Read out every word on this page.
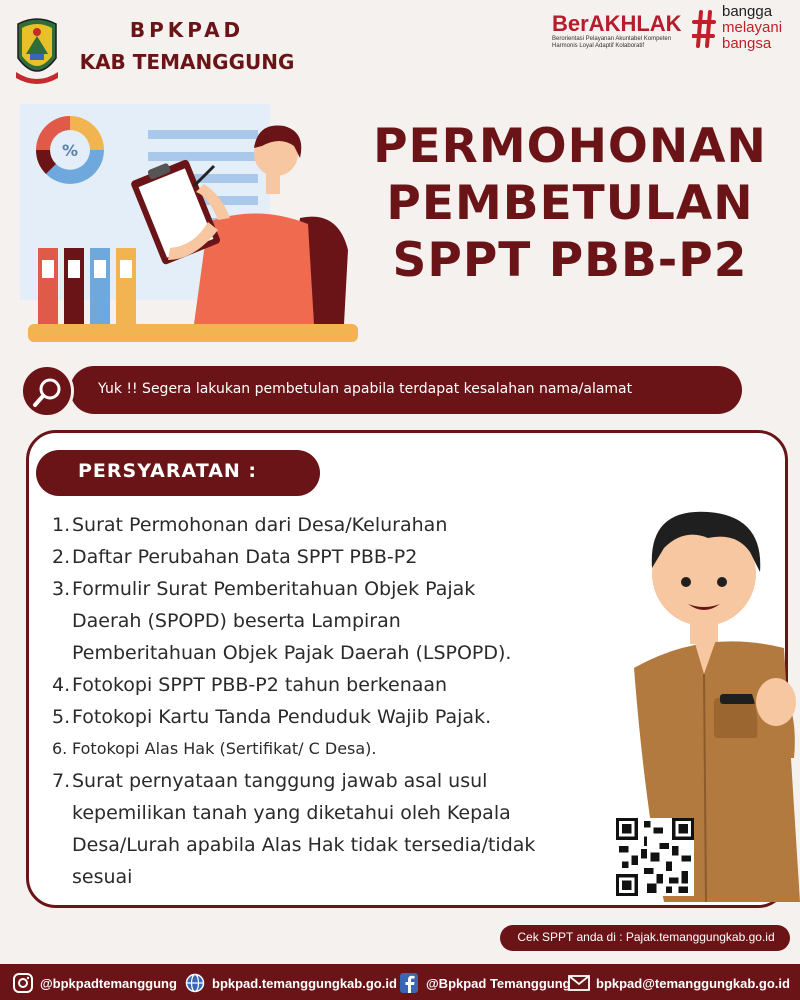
BPKPAD
KAB TEMANGGUNG
BerAKHLAK
Berorientasi Pelayanan Akuntabel Kompeten
Harmonis Loyal Adaptif Kolaboratif
bangga
melayani
bangsa
%	PERMOHONAN
PEMBETULAN
SPPT PBB-P2
Yuk !! Segera lakukan pembetulan apabila terdapat kesalahan nama/alamat
PERSYARATAN :
1. Surat Permohonan dari Desa/Kelurahan
2. Daftar Perubahan Data SPPT PBB-P2
3. Formulir Surat Pemberitahuan Objek Pajak
Daerah (SPOPD) beserta Lampiran
Pemberitahuan Objek Pajak Daerah (LSPOPD).
4. Fotokopi SPPT PBB-P2 tahun berkenaan
5. Fotokopi Kartu Tanda Penduduk Wajib Pajak.
6. Fotokopi Alas Hak (Sertifikat/ C Desa).
7. Surat pernyataan tanggung jawab asal usul
kepemilikan tanah yang diketahui oleh Kepala
Desa/Lurah apabila Alas Hak tidak tersedia/tidak
sesuai
Cek SPPT anda di : Pajak.temanggungkab.go.id
@bpkpadtemanggung	bpkpad.temanggungkab.go.id @Bpkpad Temanggung bpkpad@temanggungkab.go.id
